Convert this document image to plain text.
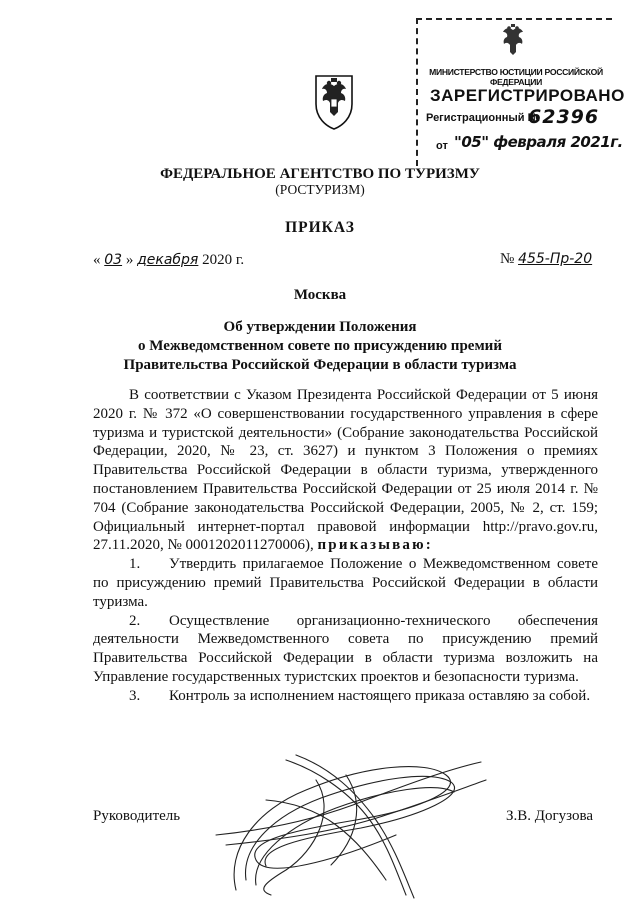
МИНИСТЕРСТВО ЮСТИЦИИ РОССИЙСКОЙ ФЕДЕРАЦИИ
ЗАРЕГИСТРИРОВАНО
Регистрационный №
62396
от "05" февраля 2021г.
ФЕДЕРАЛЬНОЕ АГЕНТСТВО ПО ТУРИЗМУ
(РОСТУРИЗМ)
ПРИКАЗ
« 03 » декабря 2020 г.	№ 455-Пр-20
Москва
Об утверждении Положения
о Межведомственном совете по присуждению премий
Правительства Российской Федерации в области туризма

В соответствии с Указом Президента Российской Федерации от 5 июня 2020 г. № 372 «О совершенствовании государственного управления в сфере туризма и туристской деятельности» (Собрание законодательства Российской Федерации, 2020, № 23, ст. 3627) и пунктом 3 Положения о премиях Правительства Российской Федерации в области туризма, утвержденного постановлением Правительства Российской Федерации от 25 июля 2014 г. № 704 (Собрание законодательства Российской Федерации, 2005, № 2, ст. 159; Официальный интернет-портал правовой информации http://pravo.gov.ru, 27.11.2020, № 0001202011270006), приказываю:

1. Утвердить прилагаемое Положение о Межведомственном совете по присуждению премий Правительства Российской Федерации в области туризма.

2. Осуществление организационно-технического обеспечения деятельности Межведомственного совета по присуждению премий Правительства Российской Федерации в области туризма возложить на Управление государственных туристских проектов и безопасности туризма.

3. Контроль за исполнением настоящего приказа оставляю за собой.

Руководитель	З.В. Догузова
